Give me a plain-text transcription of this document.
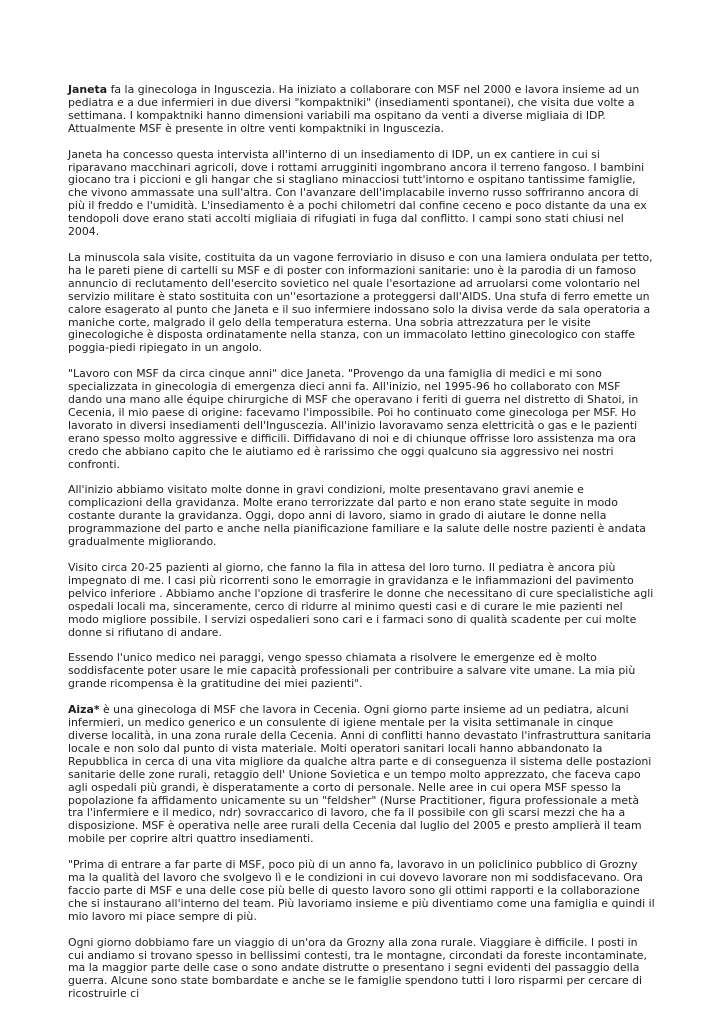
Janeta fa la ginecologa in Inguscezia. Ha iniziato a collaborare con MSF nel 2000 e lavora insieme ad un pediatra e a due infermieri in due diversi "kompaktniki" (insediamenti spontanei), che visita due volte a settimana. I kompaktniki hanno dimensioni variabili ma ospitano da venti a diverse migliaia di IDP. Attualmente MSF è presente in oltre venti kompaktniki in Inguscezia.

Janeta ha concesso questa intervista all'interno di un insediamento di IDP, un ex cantiere in cui si riparavano macchinari agricoli, dove i rottami arrugginiti ingombrano ancora il terreno fangoso. I bambini giocano tra i piccioni e gli hangar che si stagliano minacciosi tutt'intorno e ospitano tantissime famiglie, che vivono ammassate una sull'altra. Con l'avanzare dell'implacabile inverno russo soffriranno ancora di più il freddo e l'umidità. L'insediamento è a pochi chilometri dal confine ceceno e poco distante da una ex tendopoli dove erano stati accolti migliaia di rifugiati in fuga dal conflitto. I campi sono stati chiusi nel 2004.

La minuscola sala visite, costituita da un vagone ferroviario in disuso e con una lamiera ondulata per tetto, ha le pareti piene di cartelli su MSF e di poster con informazioni sanitarie: uno è la parodia di un famoso annuncio di reclutamento dell'esercito sovietico nel quale l'esortazione ad arruolarsi come volontario nel servizio militare è stato sostituita con un''esortazione a proteggersi dall'AIDS. Una stufa di ferro emette un calore esagerato al punto che Janeta e il suo infermiere indossano solo la divisa verde da sala operatoria a maniche corte, malgrado il gelo della temperatura esterna. Una sobria attrezzatura per le visite ginecologiche è disposta ordinatamente nella stanza, con un immacolato lettino ginecologico con staffe poggia-piedi ripiegato in un angolo.

"Lavoro con MSF da circa cinque anni" dice Janeta. "Provengo da una famiglia di medici e mi sono specializzata in ginecologia di emergenza dieci anni fa. All'inizio, nel 1995-96 ho collaborato con MSF dando una mano alle équipe chirurgiche di MSF che operavano i feriti di guerra nel distretto di Shatoi, in Cecenia, il mio paese di origine: facevamo l'impossibile. Poi ho continuato come ginecologa per MSF. Ho lavorato in diversi insediamenti dell'Inguscezia. All'inizio lavoravamo senza elettricità o gas e le pazienti erano spesso molto aggressive e difficili. Diffidavano di noi e di chiunque offrisse loro assistenza ma ora credo che abbiano capito che le aiutiamo ed è rarissimo che oggi qualcuno sia aggressivo nei nostri confronti.

All'inizio abbiamo visitato molte donne in gravi condizioni, molte presentavano gravi anemie e complicazioni della gravidanza. Molte erano terrorizzate dal parto e non erano state seguite in modo costante durante la gravidanza. Oggi, dopo anni di lavoro, siamo in grado di aiutare le donne nella programmazione del parto e anche nella pianificazione familiare e la salute delle nostre pazienti è andata gradualmente migliorando.

Visito circa 20-25 pazienti al giorno, che fanno la fila in attesa del loro turno. Il pediatra è ancora più impegnato di me. I casi più ricorrenti sono le emorragie in gravidanza e le infiammazioni del pavimento pelvico inferiore . Abbiamo anche l'opzione di trasferire le donne che necessitano di cure specialistiche agli ospedali locali ma, sinceramente, cerco di ridurre al minimo questi casi e di curare le mie pazienti nel modo migliore possibile. I servizi ospedalieri sono cari e i farmaci sono di qualità scadente per cui molte donne si rifiutano di andare.

Essendo l'unico medico nei paraggi, vengo spesso chiamata a risolvere le emergenze ed è molto soddisfacente poter usare le mie capacità professionali per contribuire a salvare vite umane. La mia più grande ricompensa è la gratitudine dei miei pazienti".

Aiza* è una ginecologa di MSF che lavora in Cecenia. Ogni giorno parte insieme ad un pediatra, alcuni infermieri, un medico generico e un consulente di igiene mentale per la visita settimanale in cinque diverse località, in una zona rurale della Cecenia. Anni di conflitti hanno devastato l'infrastruttura sanitaria locale e non solo dal punto di vista materiale. Molti operatori sanitari locali hanno abbandonato la Repubblica in cerca di una vita migliore da qualche altra parte e di conseguenza il sistema delle postazioni sanitarie delle zone rurali, retaggio dell' Unione Sovietica e un tempo molto apprezzato, che faceva capo agli ospedali più grandi, è disperatamente a corto di personale. Nelle aree in cui opera MSF spesso la popolazione fa affidamento unicamente su un "feldsher" (Nurse Practitioner, figura professionale a metà tra l'infermiere e il medico, ndr) sovraccarico di lavoro, che fa il possibile con gli scarsi mezzi che ha a disposizione. MSF è operativa nelle aree rurali della Cecenia dal luglio del 2005 e presto amplierà il team mobile per coprire altri quattro insediamenti.

"Prima di entrare a far parte di MSF, poco più di un anno fa, lavoravo in un policlinico pubblico di Grozny ma la qualità del lavoro che svolgevo lì e le condizioni in cui dovevo lavorare non mi soddisfacevano. Ora faccio parte di MSF e una delle cose più belle di questo lavoro sono gli ottimi rapporti e la collaborazione che si instaurano all'interno del team. Più lavoriamo insieme e più diventiamo come una famiglia e quindi il mio lavoro mi piace sempre di più.

Ogni giorno dobbiamo fare un viaggio di un'ora da Grozny alla zona rurale. Viaggiare è difficile. I posti in cui andiamo si trovano spesso in bellissimi contesti, tra le montagne, circondati da foreste incontaminate, ma la maggior parte delle case o sono andate distrutte o presentano i segni evidenti del passaggio della guerra. Alcune sono state bombardate e anche se le famiglie spendono tutti i loro risparmi per cercare di ricostruirle ci
